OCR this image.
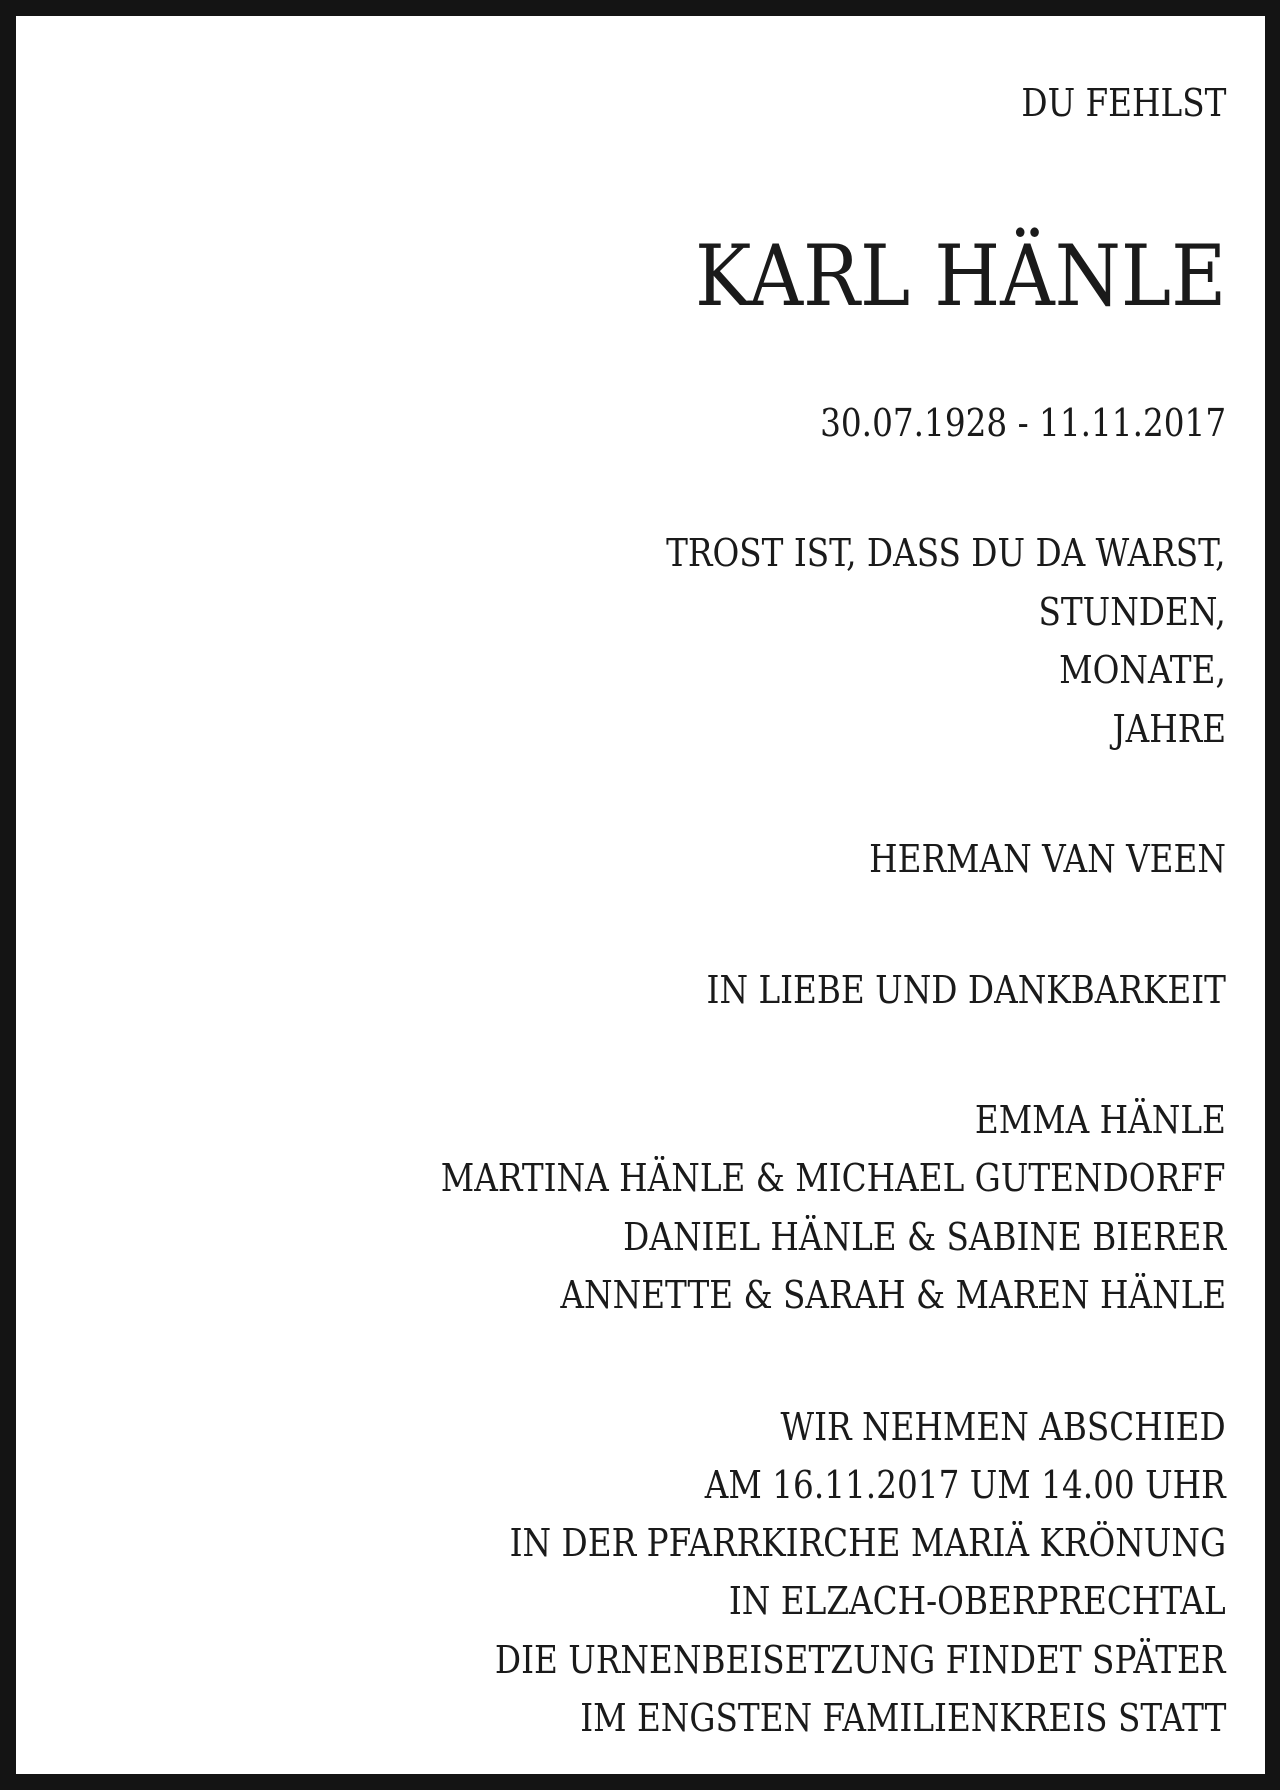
DU FEHLST

KARL HÄNLE

30.07.1928 - 11.11.2017

TROST IST, DASS DU DA WARST,

STUNDEN,

MONATE,

JAHRE

HERMAN VAN VEEN

IN LIEBE UND DANKBARKEIT

EMMA HÄNLE

MARTINA HÄNLE & MICHAEL GUTENDORFF

DANIEL HÄNLE & SABINE BIERER

ANNETTE & SARAH & MAREN HÄNLE

WIR NEHMEN ABSCHIED

AM 16.11.2017 UM 14.00 UHR

IN DER PFARRKIRCHE MARIÄ KRÖNUNG

IN ELZACH-OBERPRECHTAL

DIE URNENBEISETZUNG FINDET SPÄTER

IM ENGSTEN FAMILIENKREIS STATT
